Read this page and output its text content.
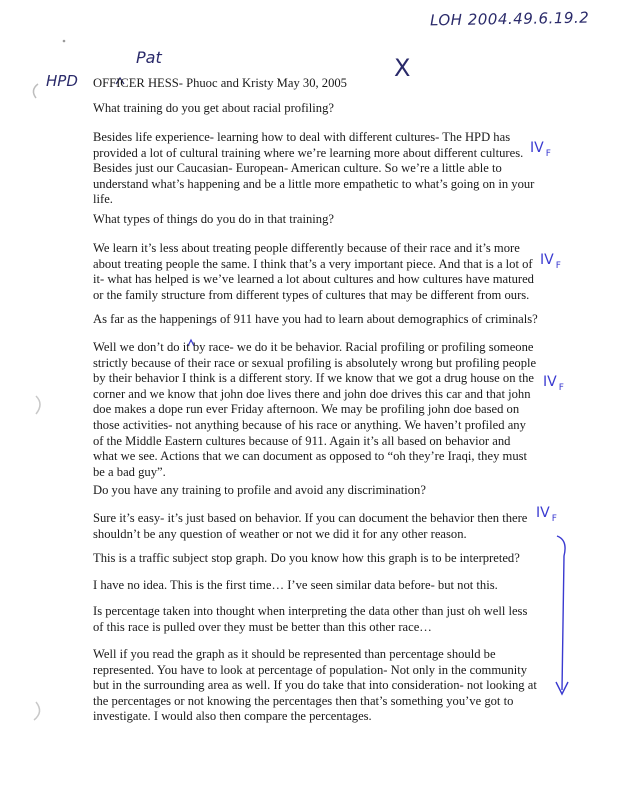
LOH 2004.49.6.19.2
Pat
HPD	X
IV $_F$
IV $_F$
IV $_F$
IV $_F$
OFFICER HESS- Phuoc and Kristy May 30, 2005
What training do you get about racial profiling?
Besides life experience- learning how to deal with different cultures- The HPD has provided a lot of cultural training where we’re learning more about different cultures. Besides just our Caucasian- European- American culture. So we’re a little able to understand what’s happening and be a little more empathetic to what’s going on in your life.
What types of things do you do in that training?
We learn it’s less about treating people differently because of their race and it’s more about treating people the same. I think that’s a very important piece. And that is a lot of it- what has helped is we’ve learned a lot about cultures and how cultures have matured or the family structure from different types of cultures that may be different from ours.
As far as the happenings of 911 have you had to learn about demographics of criminals?
Well we don’t do it by race- we do it be behavior. Racial profiling or profiling someone strictly because of their race or sexual profiling is absolutely wrong but profiling people by their behavior I think is a different story. If we know that we got a drug house on the corner and we know that john doe lives there and john doe drives this car and that john doe makes a dope run ever Friday afternoon. We may be profiling john doe based on those activities- not anything because of his race or anything. We haven’t profiled any of the Middle Eastern cultures because of 911. Again it’s all based on behavior and what we see. Actions that we can document as opposed to “oh they’re Iraqi, they must be a bad guy”.
Do you have any training to profile and avoid any discrimination?
Sure it’s easy- it’s just based on behavior. If you can document the behavior then there shouldn’t be any question of weather or not we did it for any other reason.
This is a traffic subject stop graph. Do you know how this graph is to be interpreted?
I have no idea. This is the first time… I’ve seen similar data before- but not this.
Is percentage taken into thought when interpreting the data other than just oh well less of this race is pulled over they must be better than this other race…
Well if you read the graph as it should be represented than percentage should be represented. You have to look at percentage of population- Not only in the community but in the surrounding area as well. If you do take that into consideration- not looking at the percentages or not knowing the percentages then that’s something you’ve got to investigate. I would also then compare the percentages.
